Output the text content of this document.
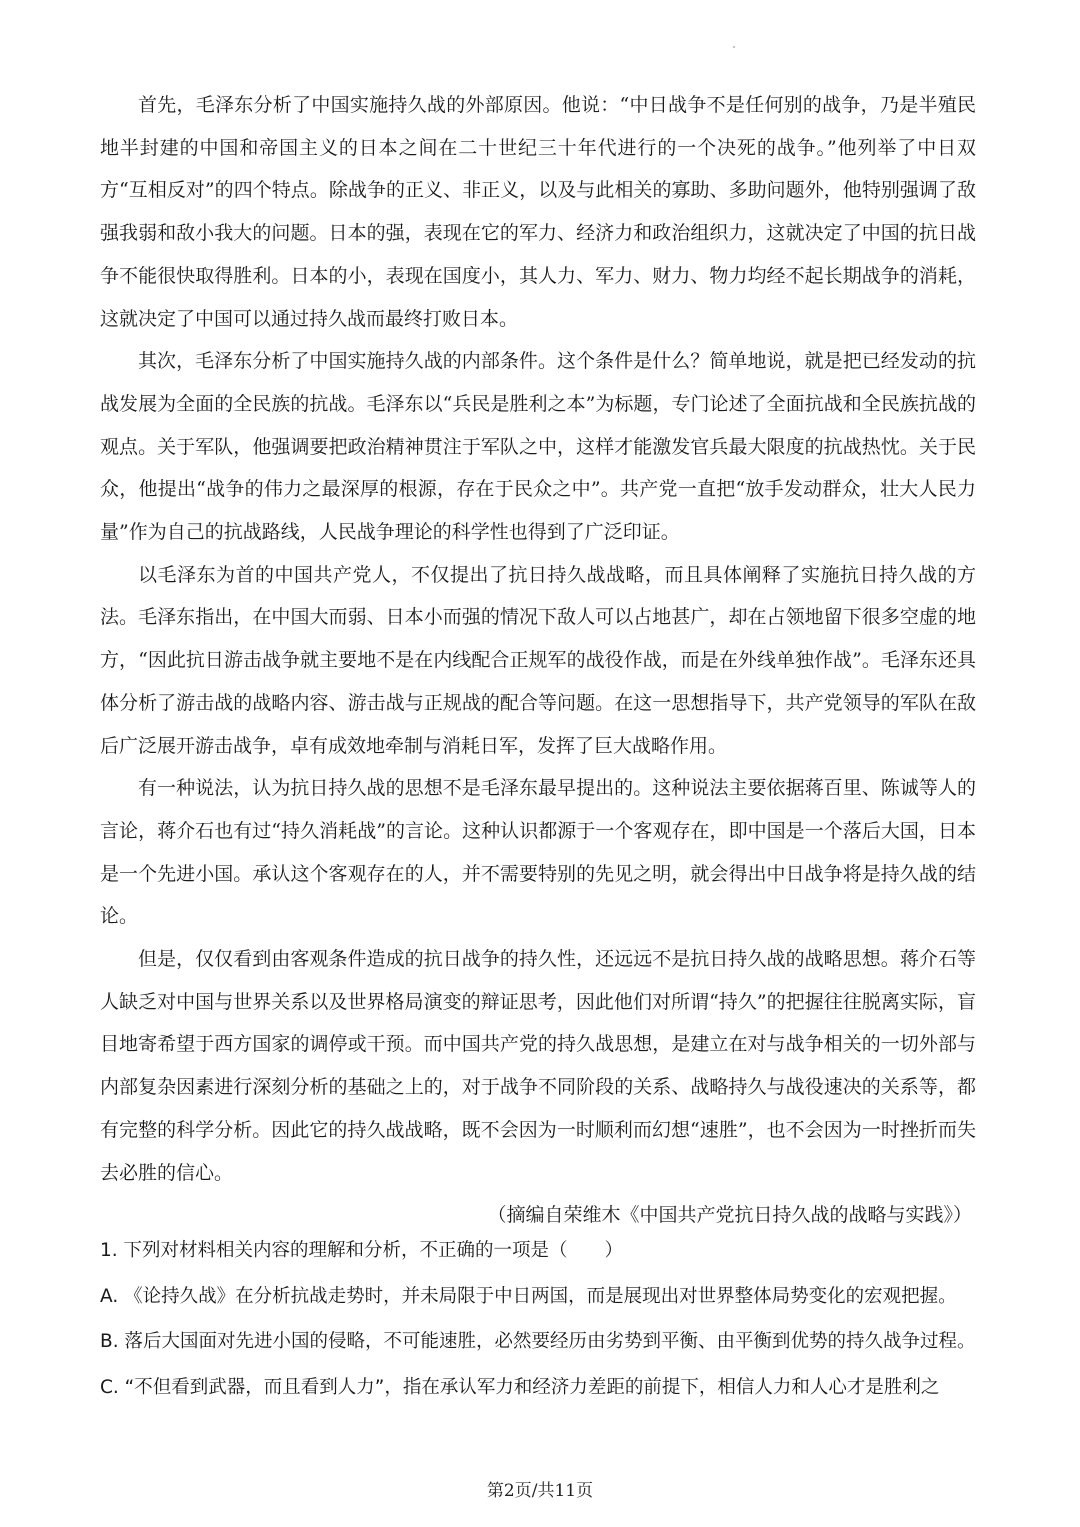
首先，毛泽东分析了中国实施持久战的外部原因。他说：“中日战争不是任何别的战争，乃是半殖民地半封建的中国和帝国主义的日本之间在二十世纪三十年代进行的一个决死的战争。”他列举了中日双方“互相反对”的四个特点。除战争的正义、非正义，以及与此相关的寡助、多助问题外，他特别强调了敌强我弱和敌小我大的问题。日本的强，表现在它的军力、经济力和政治组织力，这就决定了中国的抗日战争不能很快取得胜利。日本的小，表现在国度小，其人力、军力、财力、物力均经不起长期战争的消耗，这就决定了中国可以通过持久战而最终打败日本。

其次，毛泽东分析了中国实施持久战的内部条件。这个条件是什么？简单地说，就是把已经发动的抗战发展为全面的全民族的抗战。毛泽东以“兵民是胜利之本”为标题，专门论述了全面抗战和全民族抗战的观点。关于军队，他强调要把政治精神贯注于军队之中，这样才能激发官兵最大限度的抗战热忱。关于民众，他提出“战争的伟力之最深厚的根源，存在于民众之中”。共产党一直把“放手发动群众，壮大人民力量”作为自己的抗战路线，人民战争理论的科学性也得到了广泛印证。

以毛泽东为首的中国共产党人，不仅提出了抗日持久战战略，而且具体阐释了实施抗日持久战的方法。毛泽东指出，在中国大而弱、日本小而强的情况下敌人可以占地甚广，却在占领地留下很多空虚的地方，“因此抗日游击战争就主要地不是在内线配合正规军的战役作战，而是在外线单独作战”。毛泽东还具体分析了游击战的战略内容、游击战与正规战的配合等问题。在这一思想指导下，共产党领导的军队在敌后广泛展开游击战争，卓有成效地牵制与消耗日军，发挥了巨大战略作用。

有一种说法，认为抗日持久战的思想不是毛泽东最早提出的。这种说法主要依据蒋百里、陈诚等人的言论，蒋介石也有过“持久消耗战”的言论。这种认识都源于一个客观存在，即中国是一个落后大国，日本是一个先进小国。承认这个客观存在的人，并不需要特别的先见之明，就会得出中日战争将是持久战的结论。

但是，仅仅看到由客观条件造成的抗日战争的持久性，还远远不是抗日持久战的战略思想。蒋介石等人缺乏对中国与世界关系以及世界格局演变的辩证思考，因此他们对所谓“持久”的把握往往脱离实际，盲目地寄希望于西方国家的调停或干预。而中国共产党的持久战思想，是建立在对与战争相关的一切外部与内部复杂因素进行深刻分析的基础之上的，对于战争不同阶段的关系、战略持久与战役速决的关系等，都有完整的科学分析。因此它的持久战战略，既不会因为一时顺利而幻想“速胜”，也不会因为一时挫折而失去必胜的信心。

（摘编自荣维木《中国共产党抗日持久战的战略与实践》）

1. 下列对材料相关内容的理解和分析，不正确的一项是（　　）

A. 《论持久战》在分析抗战走势时，并未局限于中日两国，而是展现出对世界整体局势变化的宏观把握。

B. 落后大国面对先进小国的侵略，不可能速胜，必然要经历由劣势到平衡、由平衡到优势的持久战争过程。

C. “不但看到武器，而且看到人力”，指在承认军力和经济力差距的前提下，相信人力和人心才是胜利之

第2页/共11页
